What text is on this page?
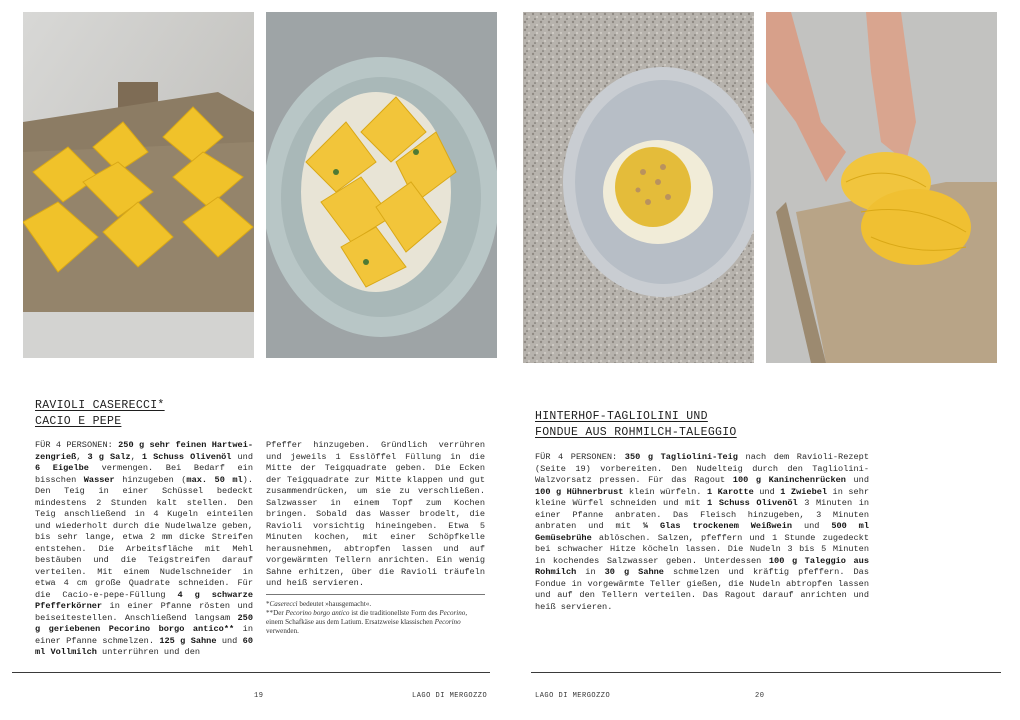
RAVIOLI CASERECCI*
CACIO E PEPE
FÜR 4 PERSONEN: 250 g sehr feinen Hartwei-zengrieß, 3 g Salz, 1 Schuss Olivenöl und 6 Eigelbe vermengen. Bei Bedarf ein bisschen Wasser hinzugeben (max. 50 ml). Den Teig in einer Schüssel bedeckt mindestens 2 Stunden kalt stellen. Den Teig anschließend in 4 Kugeln einteilen und wiederholt durch die Nudelwalze geben, bis sehr lange, etwa 2 mm dicke Streifen entstehen. Die Arbeitsfläche mit Mehl bestäuben und die Teigstreifen darauf verteilen. Mit einem Nudelschneider in etwa 4 cm große Quadrate schneiden. Für die Cacio-e-pepe-Füllung 4 g schwarze Pfefferkörner in einer Pfanne rösten und beiseitestellen. Anschließend langsam 250 g geriebenen Pecorino borgo antico** in einer Pfanne schmelzen. 125 g Sahne und 60 ml Vollmilch unterrühren und den
Pfeffer hinzugeben. Gründlich verrühren und jeweils 1 Esslöffel Füllung in die Mitte der Teigquadrate geben. Die Ecken der Teigquadrate zur Mitte klappen und gut zusammendrücken, um sie zu verschließen. Salzwasser in einem Topf zum Kochen bringen. Sobald das Wasser brodelt, die Ravioli vorsichtig hineingeben. Etwa 5 Minuten kochen, mit einer Schöpfkelle herausnehmen, abtropfen lassen und auf vorgewärmten Tellern anrichten. Ein wenig Sahne erhitzen, über die Ravioli träufeln und heiß servieren.
*Casereccì bedeutet »hausgemacht«.
**Der Pecorino borgo antico ist die traditionellste Form des Pecorino, einem Schafkäse aus dem Latium. Ersatzweise klassischen Pecorino verwenden.
19	LAGO DI MERGOZZO
HINTERHOF-TAGLIOLINI UND
FONDUE AUS ROHMILCH-TALEGGIO
FÜR 4 PERSONEN: 350 g Tagliolini-Teig nach dem Ravioli-Rezept (Seite 19) vorbereiten. Den Nudelteig durch den Tagliolini-Walzvorsatz pressen. Für das Ragout 100 g Kaninchenrücken und 100 g Hühnerbrust klein würfeln. 1 Karotte und 1 Zwiebel in sehr kleine Würfel schneiden und mit 1 Schuss Olivenöl 3 Minuten in einer Pfanne anbraten. Das Fleisch hinzugeben, 3 Minuten anbraten und mit ¼ Glas trockenem Weißwein und 500 ml Gemüsebrühe ablöschen. Salzen, pfeffern und 1 Stunde zugedeckt bei schwacher Hitze köcheln lassen. Die Nudeln 3 bis 5 Minuten in kochendes Salzwasser geben. Unterdessen 100 g Taleggio aus Rohmilch in 30 g Sahne schmelzen und kräftig pfeffern. Das Fondue in vorgewärmte Teller gießen, die Nudeln abtropfen lassen und auf den Tellern verteilen. Das Ragout darauf anrichten und heiß servieren.
LAGO DI MERGOZZO	20
